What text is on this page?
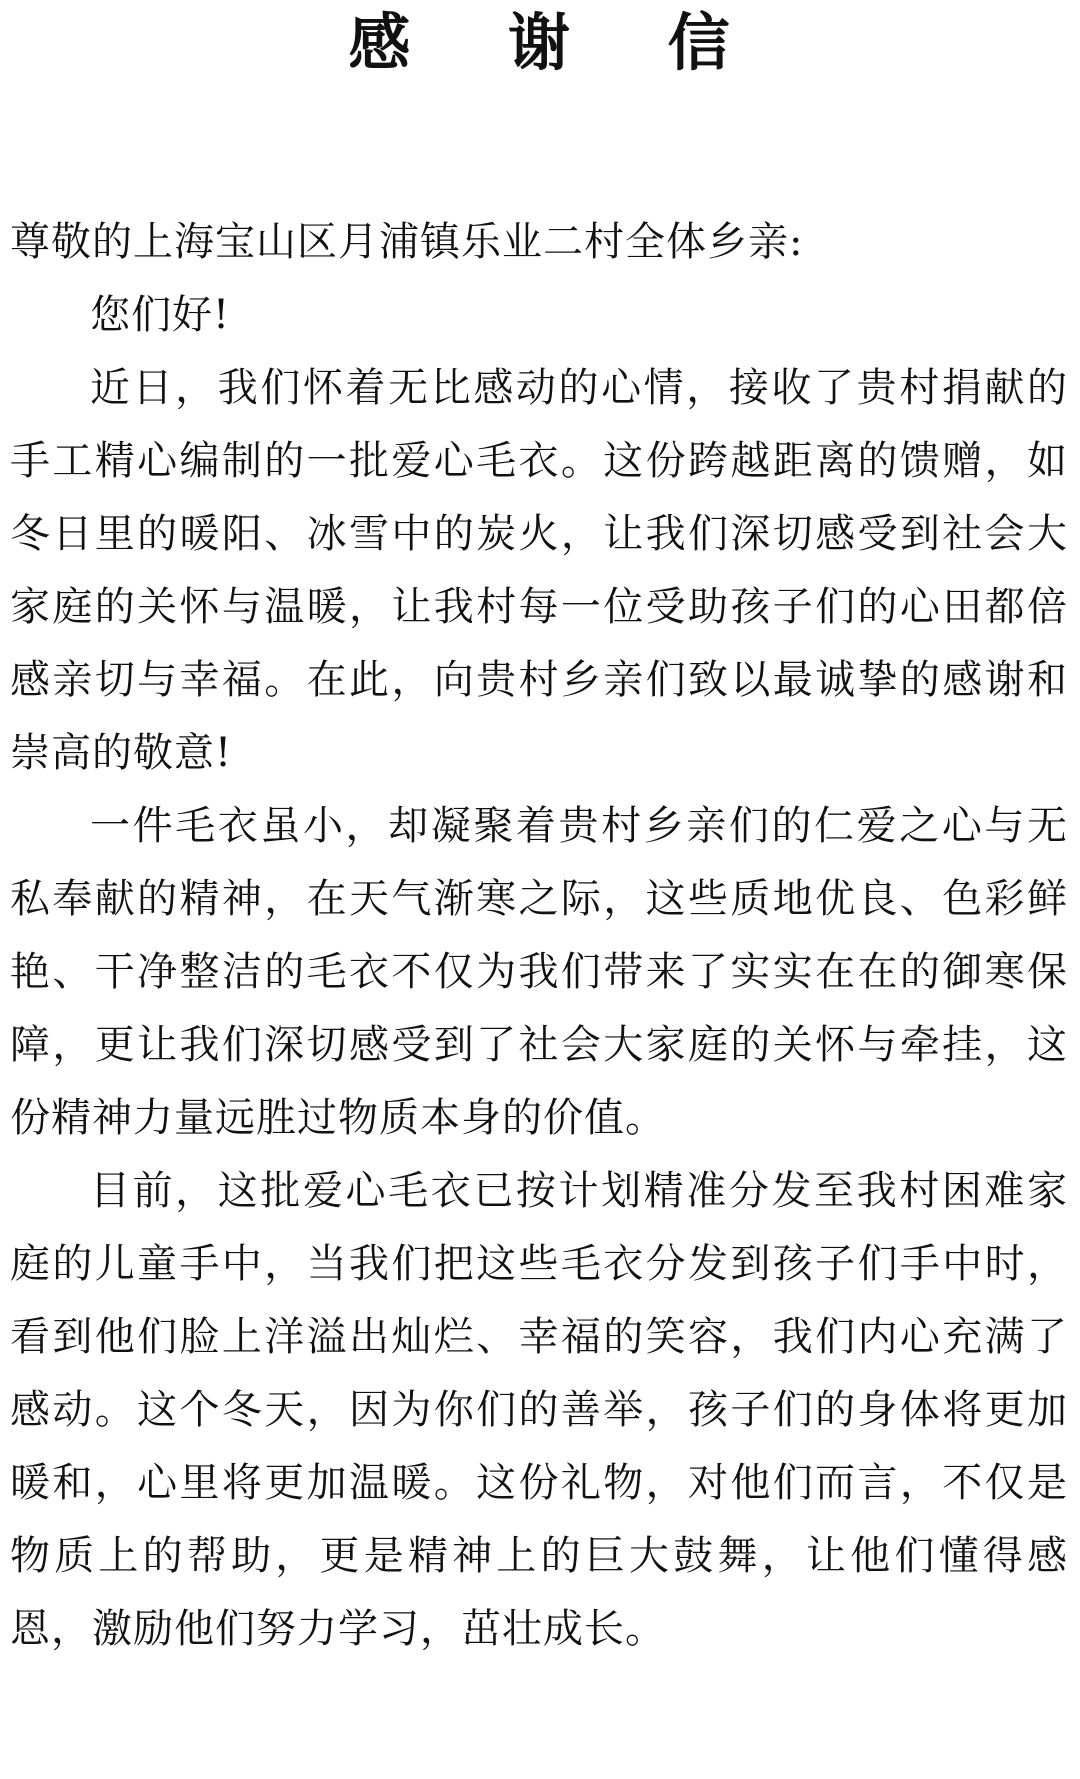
感 谢 信

尊敬的上海宝山区月浦镇乐业二村全体乡亲:

您们好!

近日，我们怀着无比感动的心情，接收了贵村捐献的手工精心编制的一批爱心毛衣。这份跨越距离的馈赠，如冬日里的暖阳、冰雪中的炭火，让我们深切感受到社会大家庭的关怀与温暖，让我村每一位受助孩子们的心田都倍感亲切与幸福。在此，向贵村乡亲们致以最诚挚的感谢和崇高的敬意!

一件毛衣虽小，却凝聚着贵村乡亲们的仁爱之心与无私奉献的精神，在天气渐寒之际，这些质地优良、色彩鲜艳、干净整洁的毛衣不仅为我们带来了实实在在的御寒保障，更让我们深切感受到了社会大家庭的关怀与牵挂，这份精神力量远胜过物质本身的价值。

目前，这批爱心毛衣已按计划精准分发至我村困难家庭的儿童手中，当我们把这些毛衣分发到孩子们手中时，看到他们脸上洋溢出灿烂、幸福的笑容，我们内心充满了感动。这个冬天，因为你们的善举，孩子们的身体将更加暖和，心里将更加温暖。这份礼物，对他们而言，不仅是物质上的帮助，更是精神上的巨大鼓舞，让他们懂得感恩，激励他们努力学习，茁壮成长。
